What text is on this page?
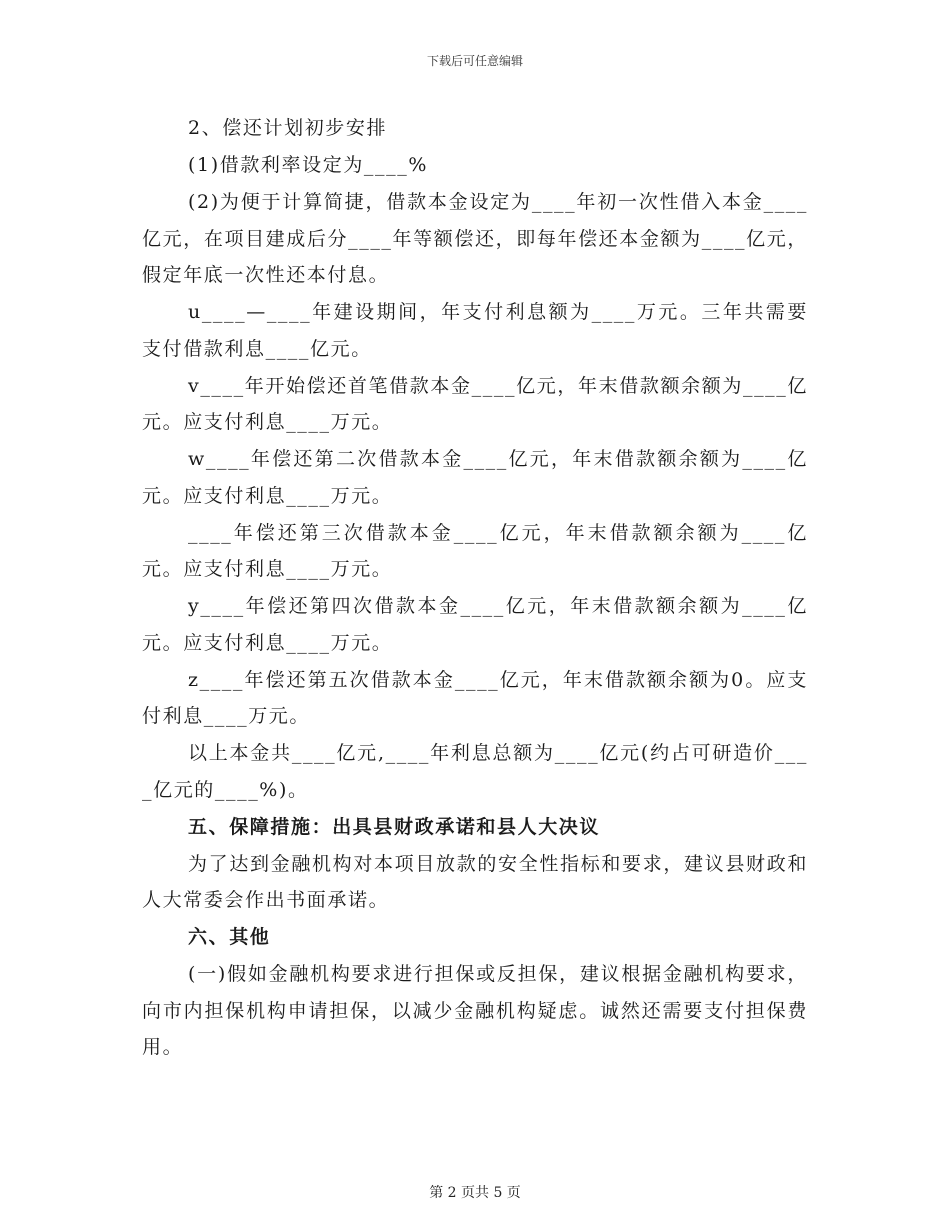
下载后可任意编辑

2、偿还计划初步安排

(1)借款利率设定为____%

(2)为便于计算简捷，借款本金设定为____年初一次性借入本金____亿元，在项目建成后分____年等额偿还，即每年偿还本金额为____亿元，假定年底一次性还本付息。

u____—____年建设期间，年支付利息额为____万元。三年共需要支付借款利息____亿元。

v____年开始偿还首笔借款本金____亿元，年末借款额余额为____亿元。应支付利息____万元。

w____年偿还第二次借款本金____亿元，年末借款额余额为____亿元。应支付利息____万元。

____年偿还第三次借款本金____亿元，年末借款额余额为____亿元。应支付利息____万元。

y____年偿还第四次借款本金____亿元，年末借款额余额为____亿元。应支付利息____万元。

z____年偿还第五次借款本金____亿元，年末借款额余额为0。应支付利息____万元。

以上本金共____亿元,____年利息总额为____亿元(约占可研造价____亿元的____%)。

五、保障措施：出具县财政承诺和县人大决议

为了达到金融机构对本项目放款的安全性指标和要求，建议县财政和人大常委会作出书面承诺。

六、其他

(一)假如金融机构要求进行担保或反担保，建议根据金融机构要求，向市内担保机构申请担保，以减少金融机构疑虑。诚然还需要支付担保费用。

第 2 页共 5 页
